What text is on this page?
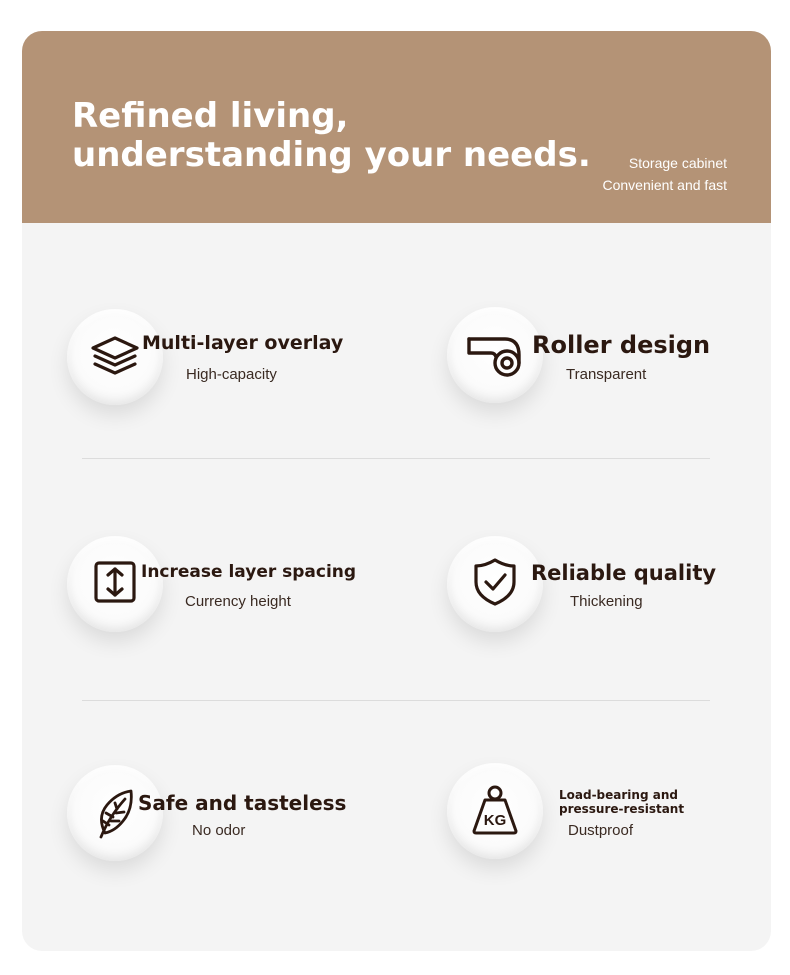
Refined living,
understanding your needs.	Storage cabinet
Convenient and fast
Multi-layer overlay
High-capacity
Roller design
Transparent
Increase layer spacing
Currency height
Reliable quality
Thickening
Safe and tasteless
No odor
KG
Load-bearing and
pressure-resistant
Dustproof
